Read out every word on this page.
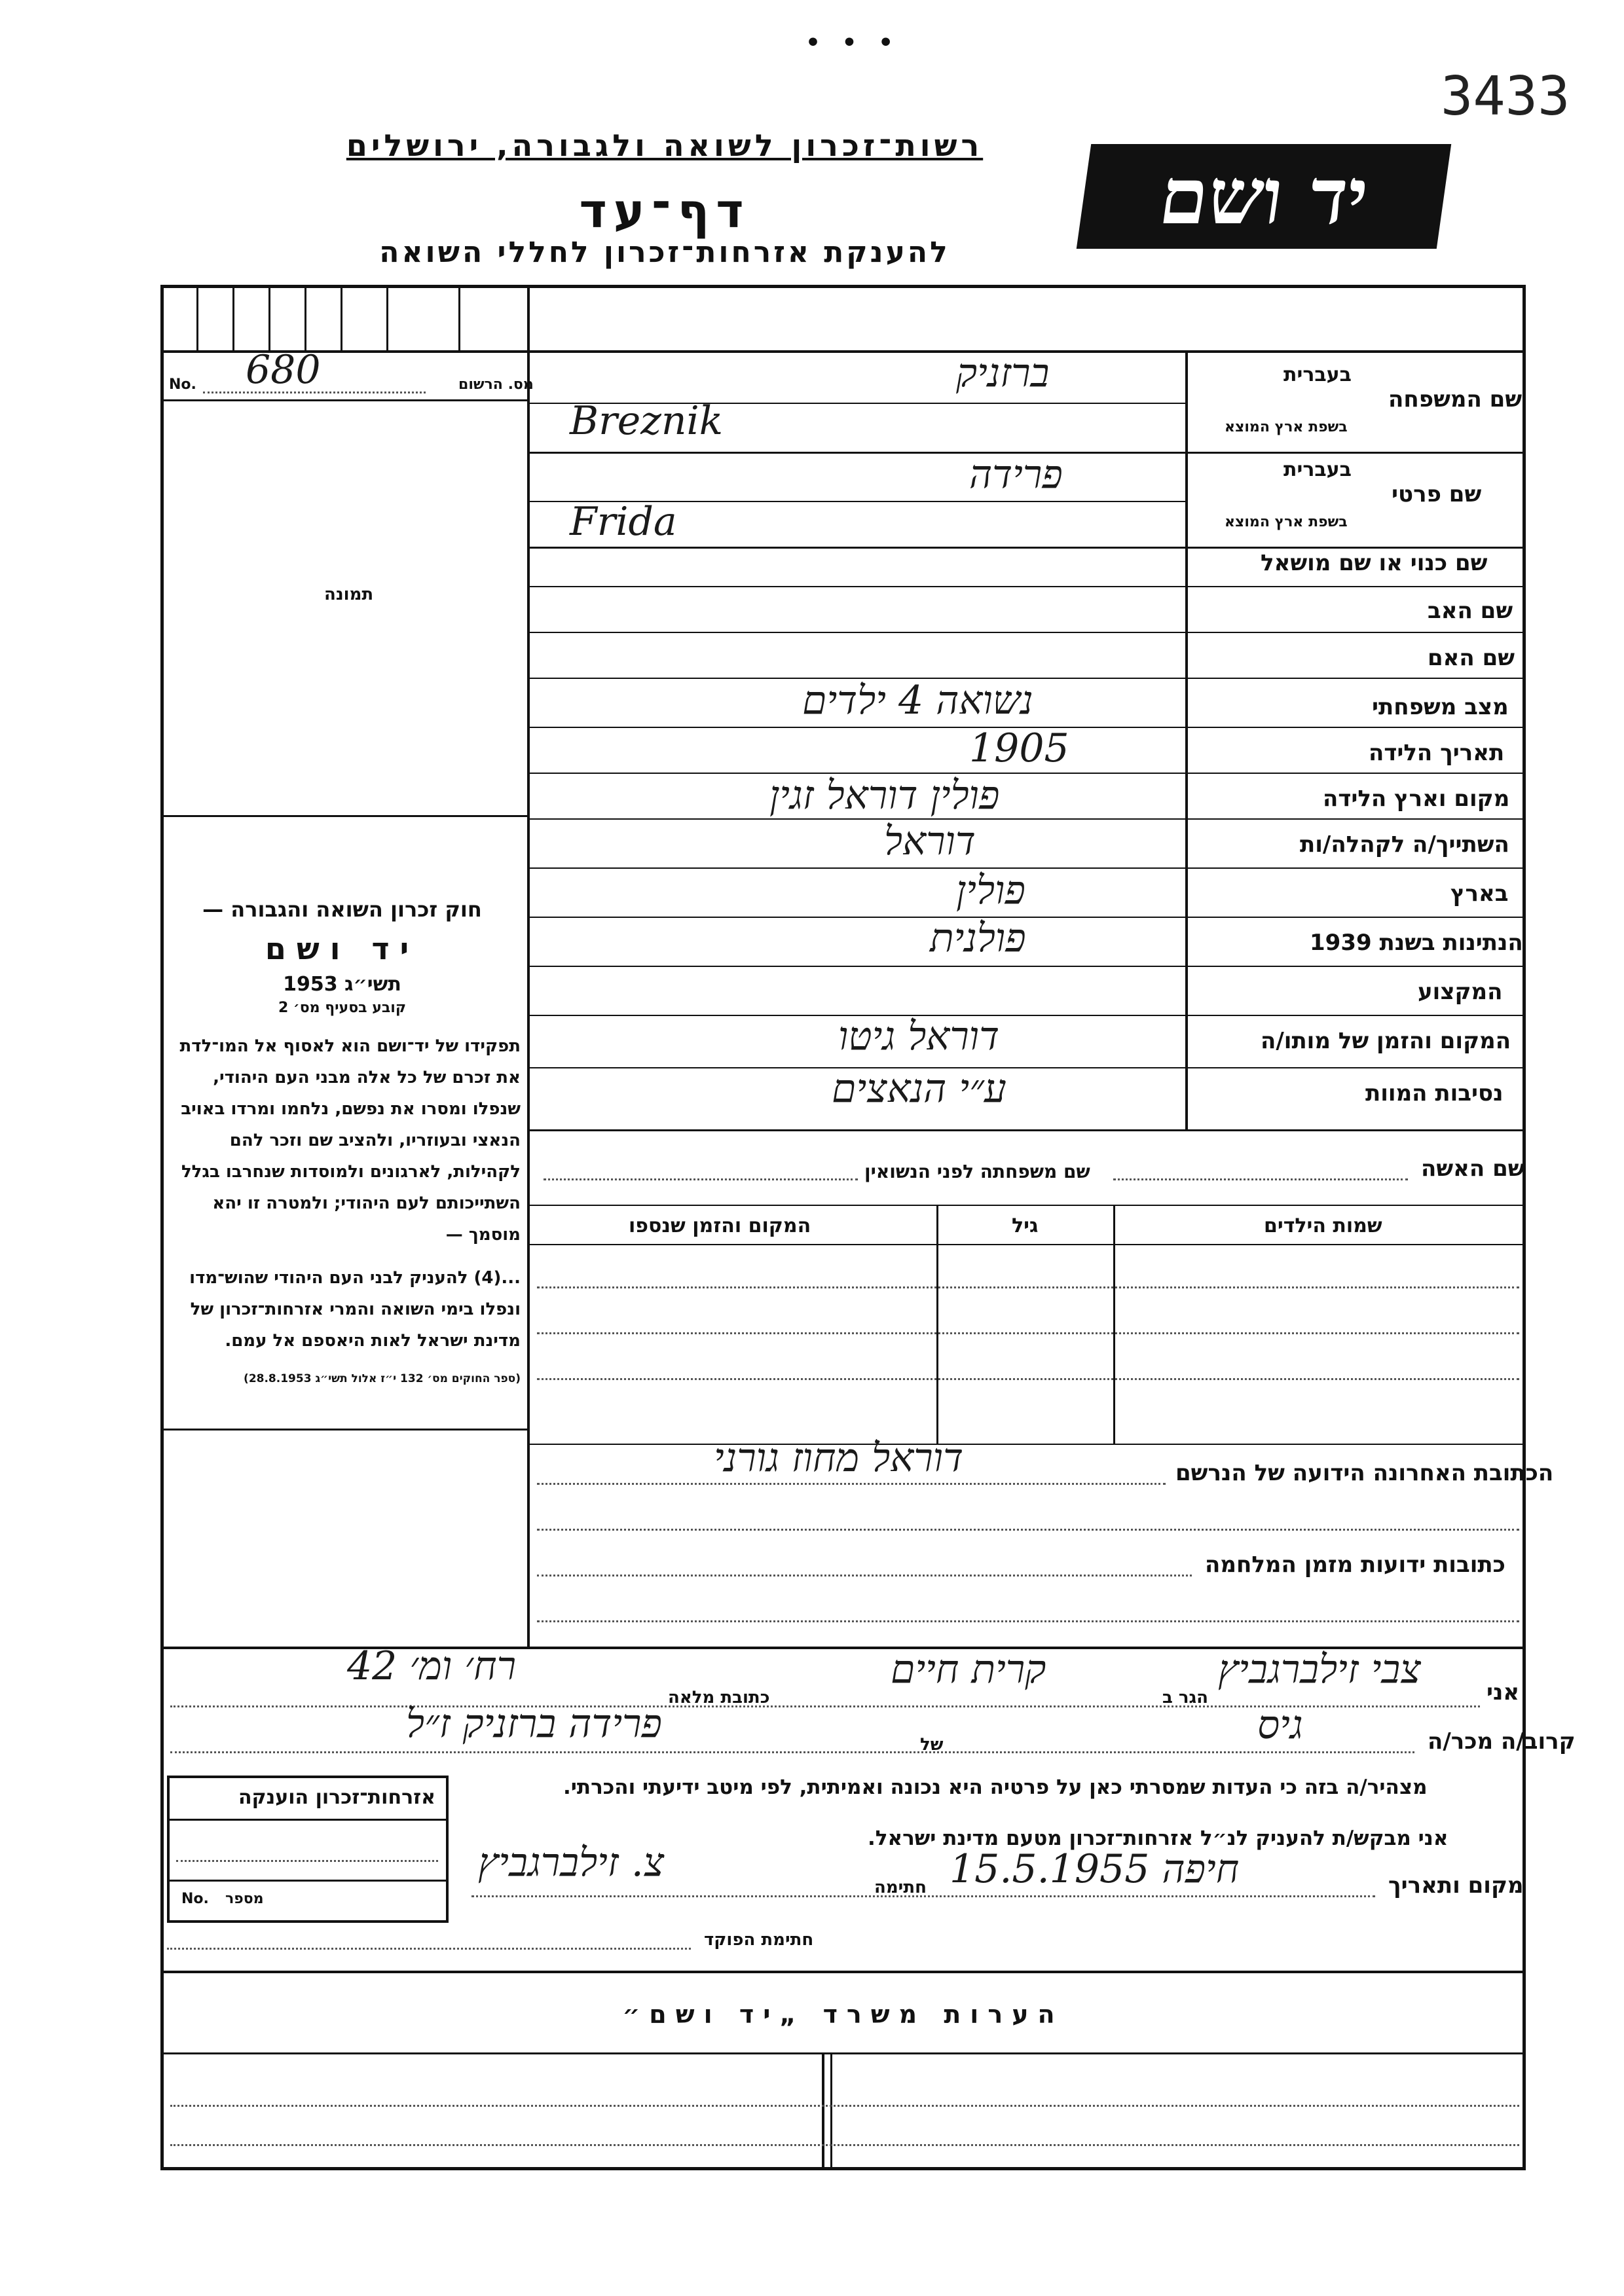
• • •
3433
יד ושם
רשות־זכרון לשואה ולגבורה, ירושלים
דף־עד
להענקת אזרחות־זכרון לחללי השואה
מס. הרשום
No. 680
תמונה
שם המשפחה
בעברית
בשפת ארץ המוצא
ברזניק
Breznik
שם פרטי
בעברית
בשפת ארץ המוצא
פרידה
Frida
שם כנוי או שם מושאל
שם האב
שם האם
מצב משפחתי
נשואה 4 ילדים
תאריך הלידה
1905
מקום וארץ הלידה
פולין דוראל זגין
השתייך/ה לקהלה/ות
דוראל
בארץ
פולין
הנתינות בשנת 1939
פולנית
המקצוע
המקום והזמן של מותו/ה
דוראל גיטו
נסיבות המוות
ע״י הנאצים
שם האשה
שם משפחתה לפני הנשואין
שמות הילדים
גיל
המקום והזמן שנספו
חוק זכרון השואה והגבורה —
יד ושם
תשי״ג 1953
קובע בסעיף מס׳ 2
תפקידו של יד־ושם הוא לאסוף אל המו־לדת את זכרם של כל אלה מבני העם היהודי, שנפלו ומסרו את נפשם, נלחמו ומרדו באויב הנאצי ובעוזריו, ולהציב שם וזכר להם לקהילות, לארגונים ולמוסדות שנחרבו בגלל השתייכותם לעם היהודי; ולמטרה זו יהא מוסמך —
...(4) להעניק לבני העם היהודי שהוש־מדו ונפלו בימי השואה והמרי אזרחות־זכרון של מדינת ישראל לאות היאספם אל עמם.
(ספר החוקים מס׳ 132 י״ז אלול תשי״ג 28.8.1953)
הכתובת האחרונה הידועה של הנרשם
דוראל מחוז גורני
כתובות ידועות מזמן המלחמה
אני
צבי זילברגביץ
הגר ב
קרית חיים
כתובת מלאה
רח׳ ומ׳ 42
קרוב/ה מכר/ה
גיס
של
פרידה ברזניק ז״ל
מצהיר/ה בזה כי העדות שמסרתי כאן על פרטיה היא נכונה ואמיתית, לפי מיטב ידיעתי והכרתי.
אני מבקש/ת להעניק לנ״ל אזרחות־זכרון מטעם מדינת ישראל.
מקום ותאריך
חיפה 15.5.1955
חתימה
צ. זילברגביץ
חתימת הפוקד
אזרחות־זכרון הוענקה
מספר
No.
הערות משרד „יד ושם״
